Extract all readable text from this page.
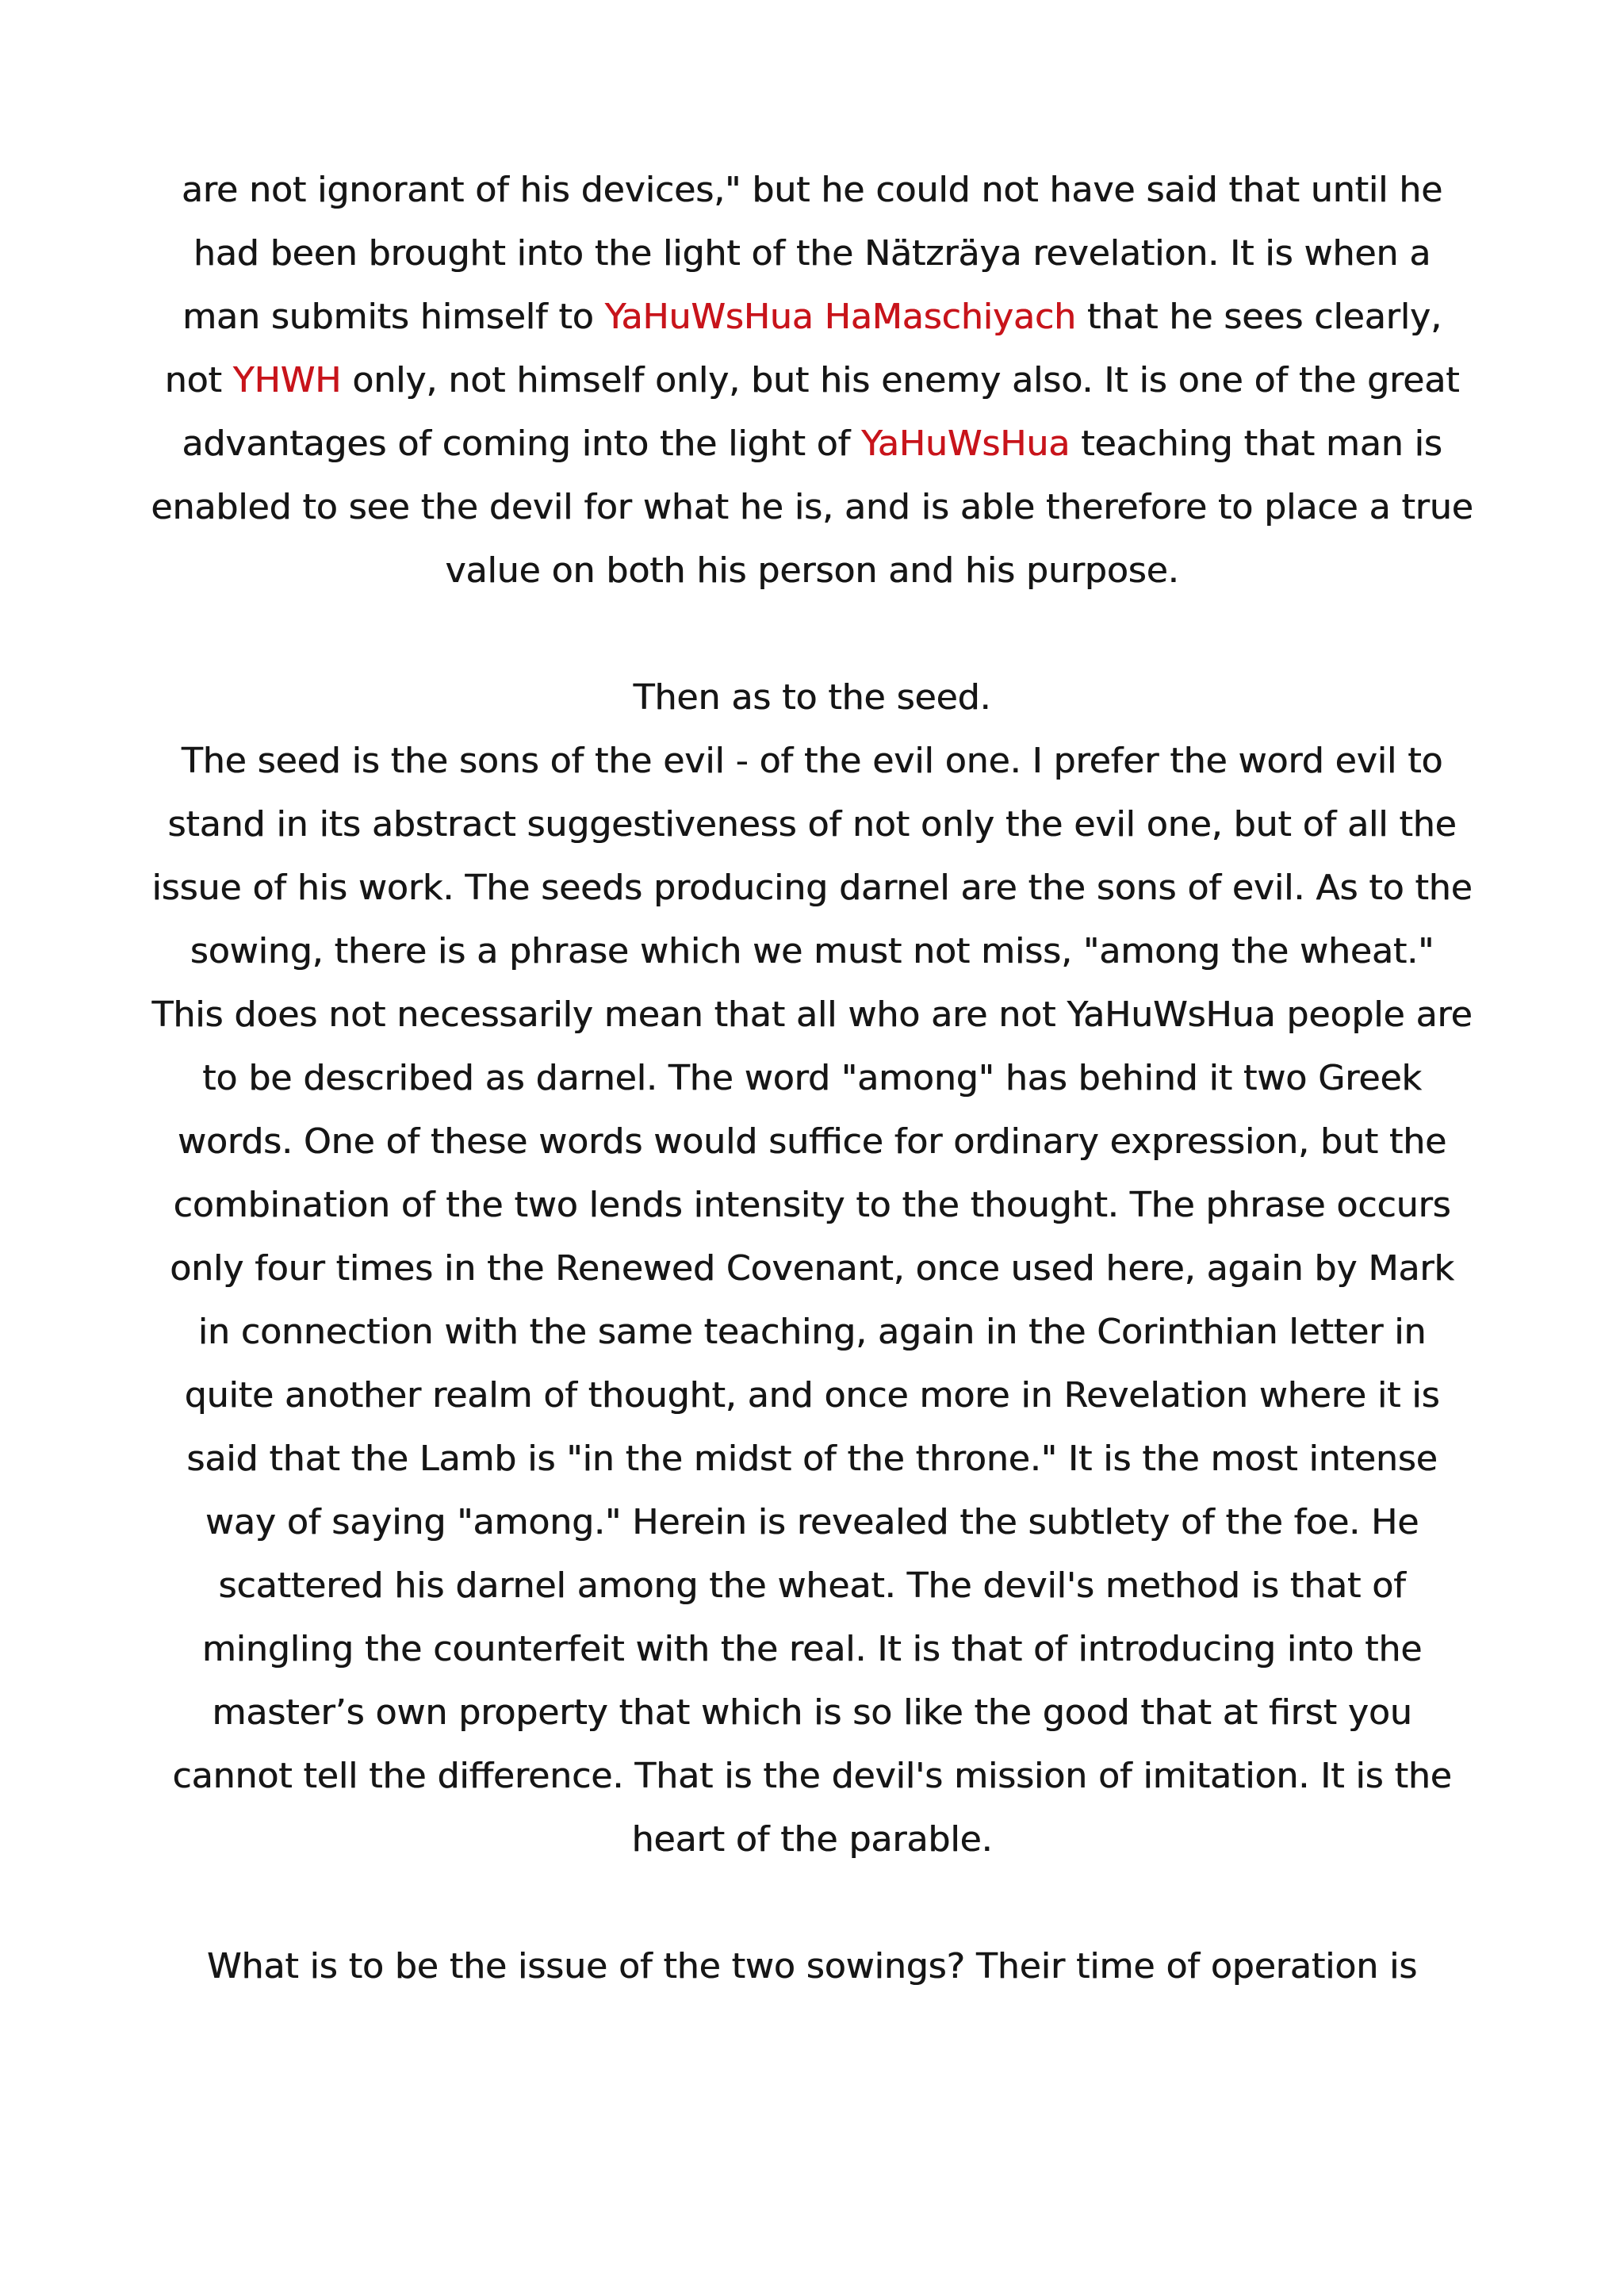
are not ignorant of his devices," but he could not have said that until he had been brought into the light of the Nätzräya revelation. It is when a man submits himself to YaHuWsHua HaMaschiyach that he sees clearly, not YHWH only, not himself only, but his enemy also. It is one of the great advantages of coming into the light of YaHuWsHua teaching that man is enabled to see the devil for what he is, and is able therefore to place a true value on both his person and his purpose.

Then as to the seed.

The seed is the sons of the evil - of the evil one. I prefer the word evil to stand in its abstract suggestiveness of not only the evil one, but of all the issue of his work. The seeds producing darnel are the sons of evil. As to the sowing, there is a phrase which we must not miss, "among the wheat." This does not necessarily mean that all who are not YaHuWsHua people are to be described as darnel. The word "among" has behind it two Greek words. One of these words would suffice for ordinary expression, but the combination of the two lends intensity to the thought. The phrase occurs only four times in the Renewed Covenant, once used here, again by Mark in connection with the same teaching, again in the Corinthian letter in quite another realm of thought, and once more in Revelation where it is said that the Lamb is "in the midst of the throne." It is the most intense way of saying "among." Herein is revealed the subtlety of the foe. He scattered his darnel among the wheat. The devil's method is that of mingling the counterfeit with the real. It is that of introducing into the master’s own property that which is so like the good that at first you cannot tell the difference. That is the devil's mission of imitation. It is the heart of the parable.

What is to be the issue of the two sowings? Their time of operation is
